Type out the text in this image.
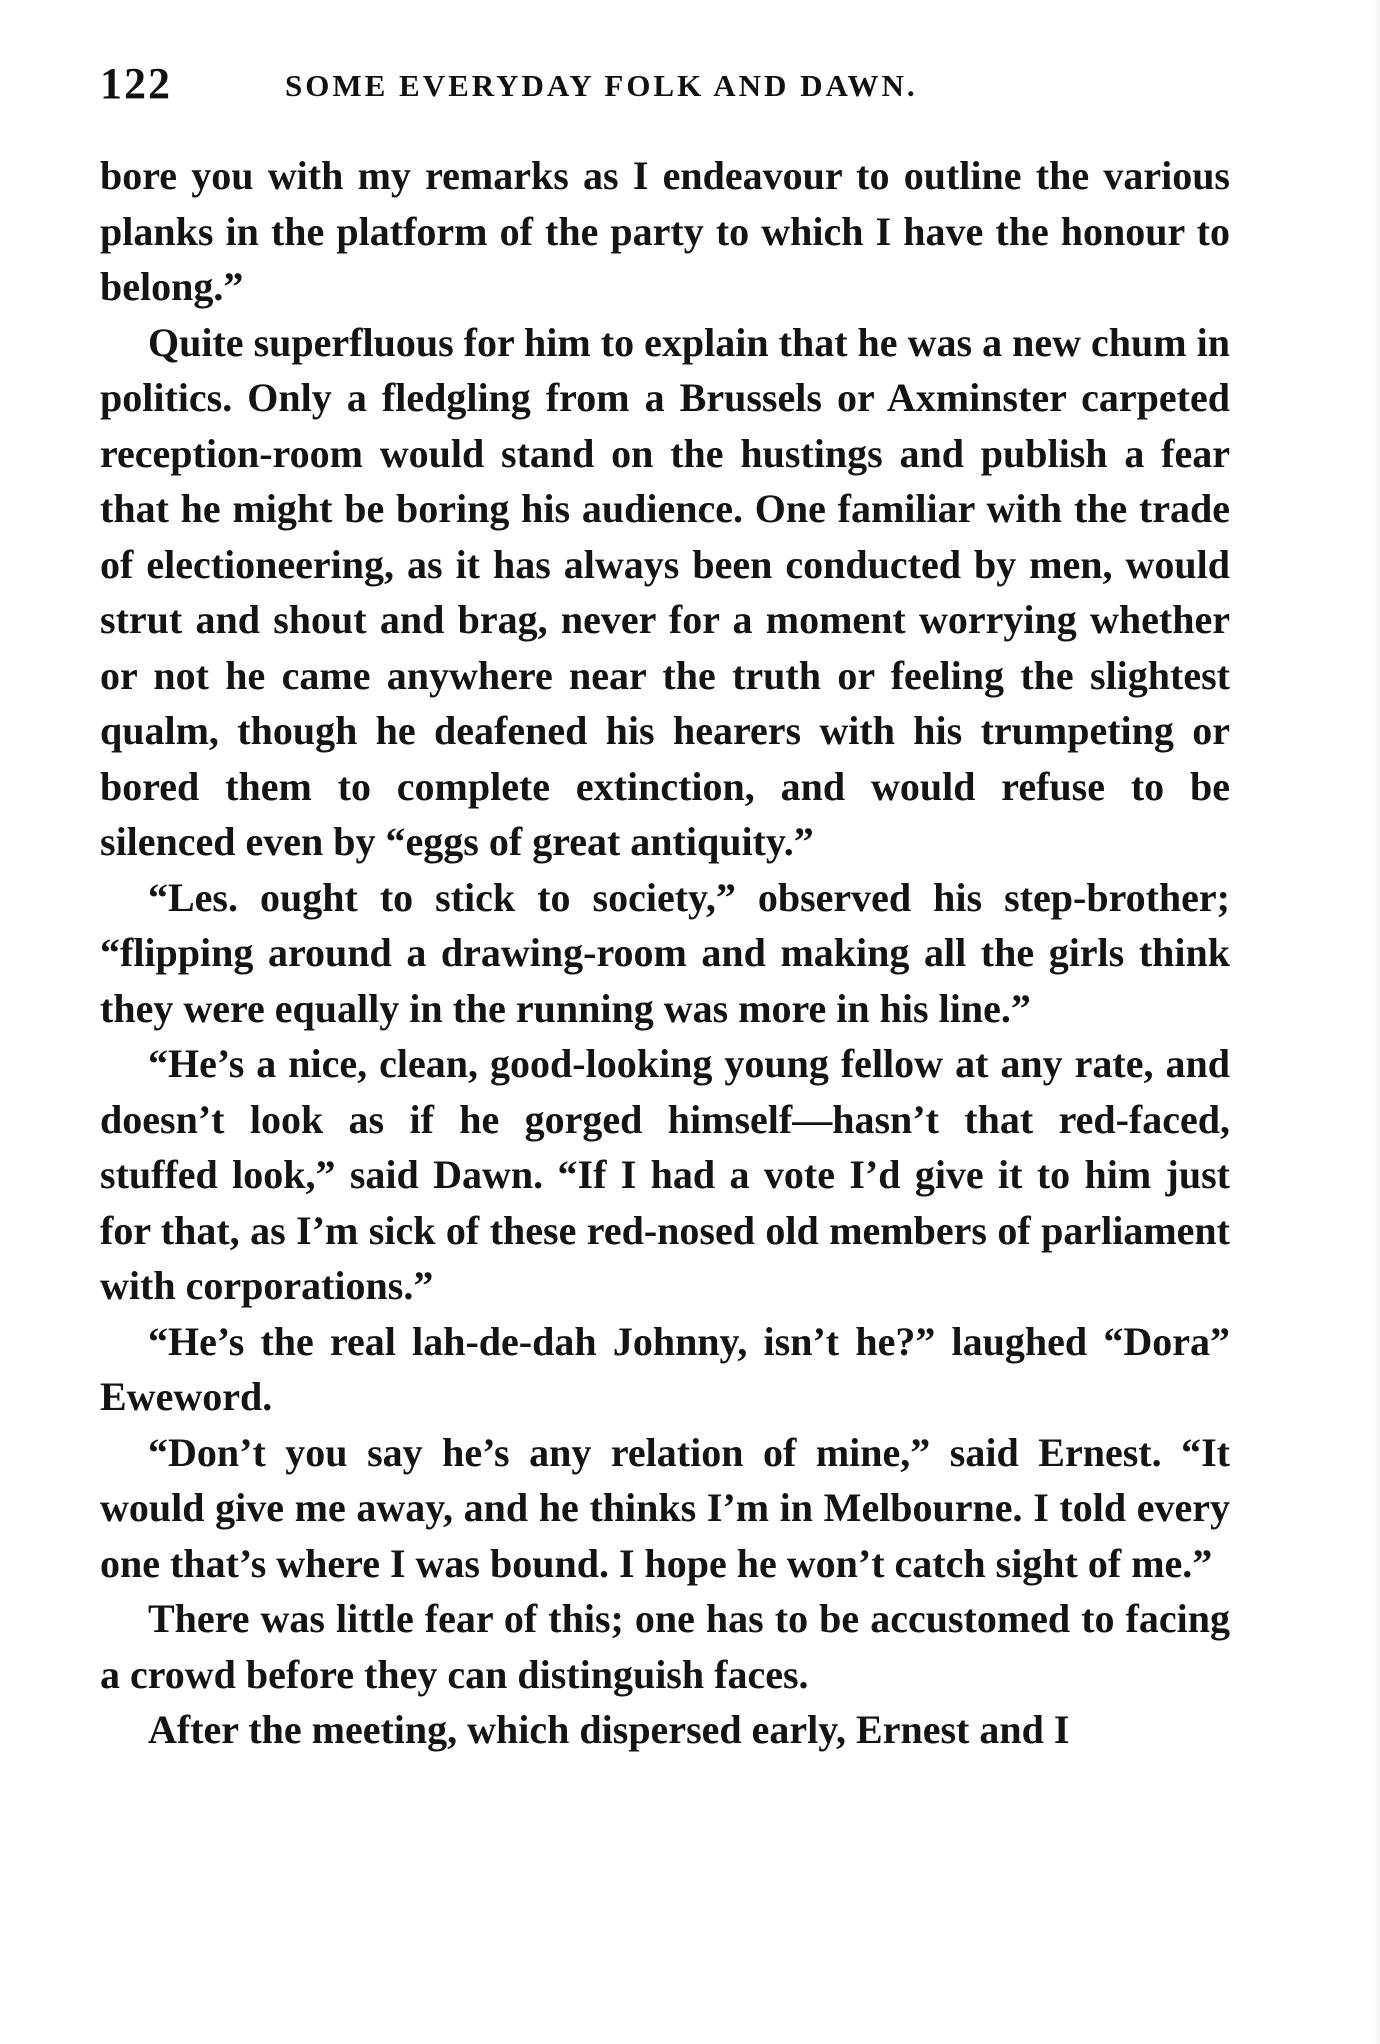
122	SOME EVERYDAY FOLK AND DAWN.

bore you with my remarks as I endeavour to outline the various planks in the platform of the party to which I have the honour to belong.”

Quite superfluous for him to explain that he was a new chum in politics. Only a fledgling from a Brussels or Axminster carpeted reception-room would stand on the hustings and publish a fear that he might be boring his audience. One familiar with the trade of electioneering, as it has always been conducted by men, would strut and shout and brag, never for a moment worrying whether or not he came anywhere near the truth or feeling the slightest qualm, though he deafened his hearers with his trumpeting or bored them to complete extinction, and would refuse to be silenced even by “eggs of great antiquity.”

“Les. ought to stick to society,” observed his step-brother; “flipping around a drawing-room and making all the girls think they were equally in the running was more in his line.”

“He’s a nice, clean, good-looking young fellow at any rate, and doesn’t look as if he gorged himself—hasn’t that red-faced, stuffed look,” said Dawn. “If I had a vote I’d give it to him just for that, as I’m sick of these red-nosed old members of parliament with corporations.”

“He’s the real lah-de-dah Johnny, isn’t he?” laughed “Dora” Eweword.

“Don’t you say he’s any relation of mine,” said Ernest. “It would give me away, and he thinks I’m in Melbourne. I told every one that’s where I was bound. I hope he won’t catch sight of me.”

There was little fear of this; one has to be accustomed to facing a crowd before they can distinguish faces.

After the meeting, which dispersed early, Ernest and I
